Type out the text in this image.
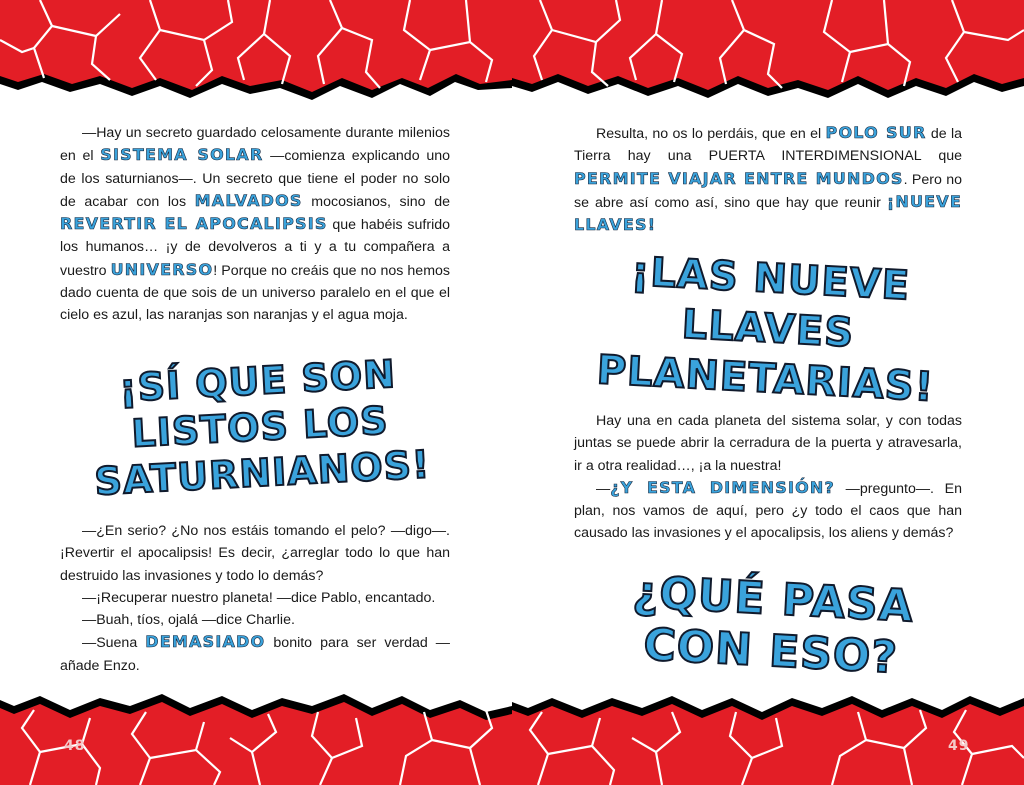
—Hay un secreto guardado celosamente durante milenios en el SISTEMA SOLAR —comienza explicando uno de los saturnianos—. Un secreto que tiene el poder no solo de acabar con los MALVADOS mocosianos, sino de REVERTIR EL APOCALIPSIS que habéis sufrido los humanos… ¡y de devolveros a ti y a tu compañera a vuestro UNIVERSO! Porque no creáis que no nos hemos dado cuenta de que sois de un universo paralelo en el que el cielo es azul, las naranjas son naranjas y el agua moja.

¡SÍ QUE SON
LISTOS LOS
SATURNIANOS!

—¿En serio? ¿No nos estáis tomando el pelo? —digo—. ¡Revertir el apocalipsis! Es decir, ¿arreglar todo lo que han destruido las invasiones y todo lo demás?

—¡Recuperar nuestro planeta! —dice Pablo, encantado.

—Buah, tíos, ojalá —dice Charlie.

—Suena DEMASIADO bonito para ser verdad —añade Enzo.

48

Resulta, no os lo perdáis, que en el POLO SUR de la Tierra hay una PUERTA INTERDIMENSIONAL que PERMITE VIAJAR ENTRE MUNDOS. Pero no se abre así como así, sino que hay que reunir ¡NUEVE LLAVES!

¡LAS NUEVE
LLAVES
PLANETARIAS!

Hay una en cada planeta del sistema solar, y con todas juntas se puede abrir la cerradura de la puerta y atravesarla, ir a otra realidad…, ¡a la nuestra!

—¿Y ESTA DIMENSIÓN? —pregunto—. En plan, nos vamos de aquí, pero ¿y todo el caos que han causado las invasiones y el apocalipsis, los aliens y demás?

¿QUÉ PASA
CON ESO?
49
